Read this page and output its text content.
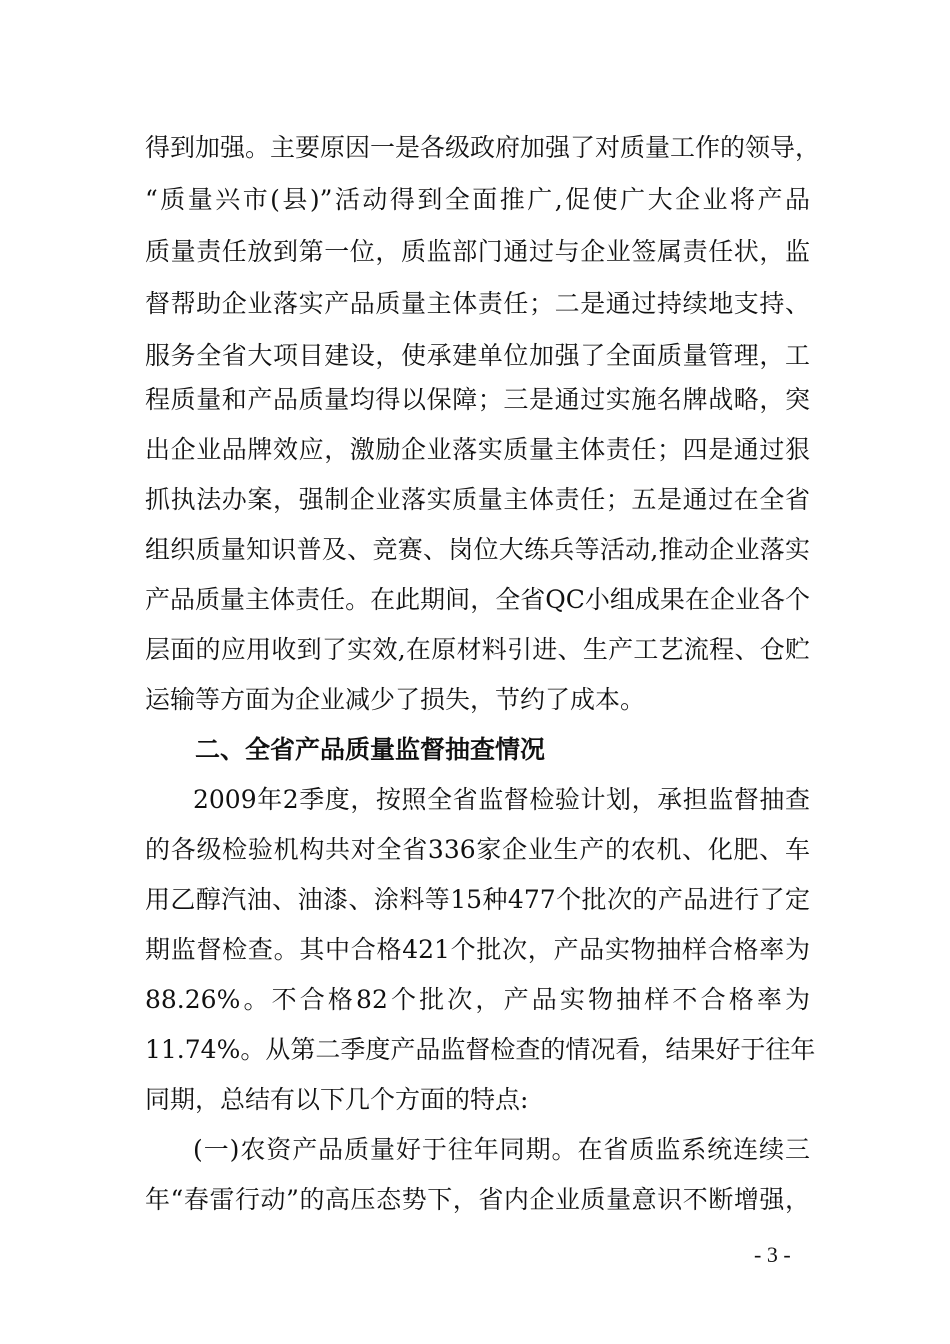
得到加强。主要原因一是各级政府加强了对质量工作的领导，
“质量兴市(县)”活动得到全面推广,促使广大企业将产品
质量责任放到第一位，质监部门通过与企业签属责任状，监
督帮助企业落实产品质量主体责任；二是通过持续地支持、
服务全省大项目建设，使承建单位加强了全面质量管理，工
程质量和产品质量均得以保障；三是通过实施名牌战略，突
出企业品牌效应，激励企业落实质量主体责任；四是通过狠
抓执法办案，强制企业落实质量主体责任；五是通过在全省
组织质量知识普及、竞赛、岗位大练兵等活动,推动企业落实
产品质量主体责任。在此期间，全省QC小组成果在企业各个
层面的应用收到了实效,在原材料引进、生产工艺流程、仓贮
运输等方面为企业减少了损失，节约了成本。
二、全省产品质量监督抽查情况
2009年2季度，按照全省监督检验计划，承担监督抽查
的各级检验机构共对全省336家企业生产的农机、化肥、车
用乙醇汽油、油漆、涂料等15种477个批次的产品进行了定
期监督检查。其中合格421个批次，产品实物抽样合格率为
88.26%。不合格82个批次，产品实物抽样不合格率为
11.74%。从第二季度产品监督检查的情况看，结果好于往年
同期，总结有以下几个方面的特点:
(一)农资产品质量好于往年同期。在省质监系统连续三
年“春雷行动”的高压态势下，省内企业质量意识不断增强，
- 3 -
